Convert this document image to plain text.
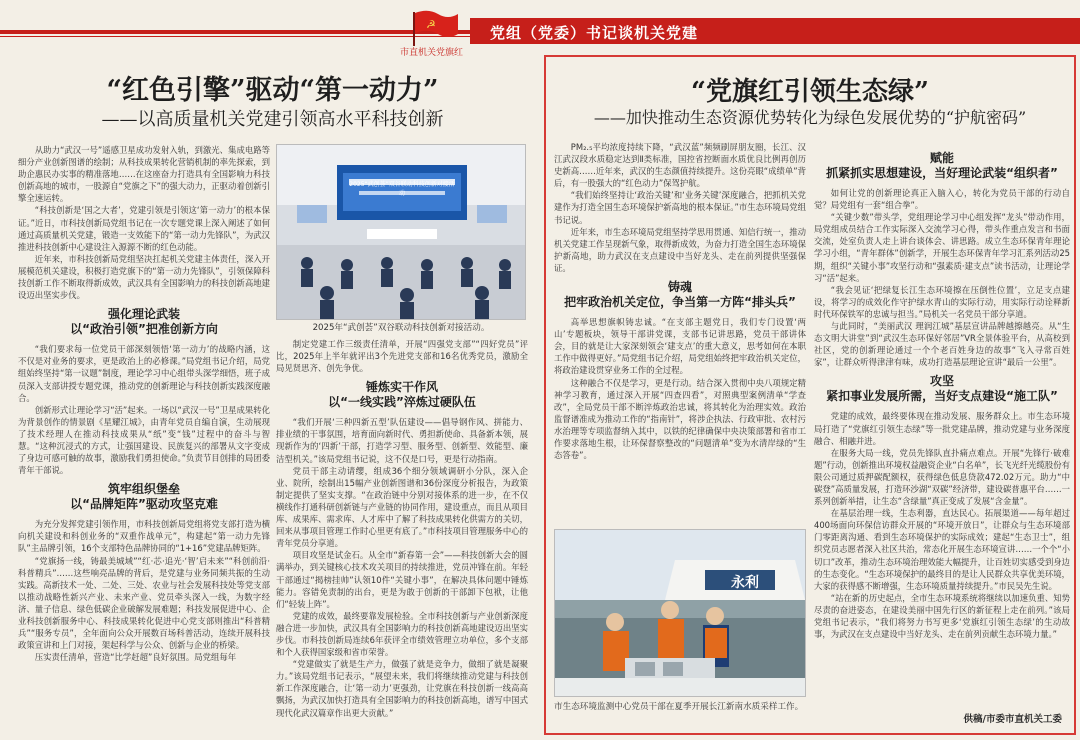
☭
市直机关党旗红
党组（党委）书记谈机关党建
“红色引擎”驱动“第一动力”
——以高质量机关党建引领高水平科技创新

从助力“武汉一号”遥感卫星成功发射入轨，到激光、集成电路等细分产业创新图谱的绘制；从科技成果转化营销机制的率先探索，到助企惠民办实事的精准落地……在这座奋力打造具有全国影响力科技创新高地的城市，一股源自“党旗之下”的强大动力，正驱动着创新引擎全速运转。

“科技创新是‘国之大者’，党建引领是引领这‘第一动力’的根本保证。”近日，市科技创新局党组书记在一次专题党课上深入阐述了如何通过高质量机关党建，锻造一支效能下的“第一动力先锋队”，为武汉推进科技创新中心建设注入源源不断的红色动能。

近年来，市科技创新局党组坚决扛起机关党建主体责任，深入开展模范机关建设，积极打造党旗下的“第一动力先锋队”，引领保障科技创新工作不断取得新成效，武汉具有全国影响力的科技创新高地建设迈出坚实步伐。

强化理论武装
以“政治引领”把准创新方向

“我们要求每一位党员干部深刻领悟‘第一动力’的战略内涵，这不仅是对业务的要求，更是政治上的必修课。”局党组书记介绍，局党组始终坚持“第一议题”制度，理论学习中心组带头深学细悟，班子成员深入支部讲授专题党课，推动党的创新理论与科技创新实践深度融合。

创新形式让理论学习“活”起来。一场以“武汉一号”卫星成果转化为背景创作的情景剧《星耀江城》，由青年党员自编自演，生动展现了技术经理人在推动科技成果从“纸”变“钱”过程中的奋斗与智慧。“这种沉浸式的方式，让强国建设、民族复兴的部署从文字变成了身边可感可触的故事，激励我们勇担使命。”负责节目创排的局团委青年干部说。

筑牢组织堡垒
以“品牌矩阵”驱动攻坚克难

为充分发挥党建引领作用，市科技创新局党组将党支部打造为横向机关建设和科创业务的“双重作战单元”，构建起“第一动力先锋队”主品牌引领，16个支部特色品牌协同的“1+16”党建品牌矩阵。

“党旗扬一线，铸最美城域”“红·芯·追光·‘智’启未来”“科创前沿·科普精兵”……这些响亮品牌的背后，是党建与业务同频共振的生动实践。高新技术一处、二处、三处、农业与社会发展科技处等党支部以推动战略性新兴产业、未来产业、党员牵头深入一线，为数字经济、量子信息、绿色低碳企业破解发展难题；科技发展促进中心、企业科技创新服务中心、科技成果转化促进中心党支部则推出“科普精兵”“服务专员”，全年面向公众开展数百场科普活动，连续开展科技政策宣讲和上门对接，架起科学与公众、创新与企业的桥梁。

压实责任清单，营造“比学赶超”良好氛围。局党组每年

2025“武创荟”双谷联动科技创新对接活动
2025年“武创荟”双谷联动科技创新对接活动。

制定党建工作三级责任清单，开展“四强党支部”“四好党员”评比，2025年上半年就评出3个先进党支部和16名优秀党员，激励全局见贤思齐、创先争优。

锤炼实干作风
以“一线实践”淬炼过硬队伍

“我们开展‘三种四新五型’队伍建设——倡导钢作风、拼能力、排业绩的干事氛围，培育面向新时代、勇担新使命、具备新本领，展现新作为的‘四新’干部，打造学习型、服务型、创新型、效能型、廉洁型机关。”该局党组书记说，这不仅是口号，更是行动指南。

党员干部主动请缨，组成36个细分领域调研小分队，深入企业、院所，绘制出15幅产业创新图谱和36份深度分析报告，为政策制定提供了坚实支撑。“在政治链中分别对接体系的进一步，在不仅横线作打通科研创新链与产业链的协同作用，建设重点，而且从项目库、成果库、需求库、人才库中了解了科技成果转化供需方的关切，回来从事项目管理工作时心里更有底了。”市科技项目管理服务中心的青年党员分享道。

项目攻坚是试金石。从全市“新春第一会”——科技创新大会的圆满举办，到关键核心技术攻关项目的持续推进，党员冲锋在前。年轻干部通过“揭榜挂帅”认领10件“关键小事”，在解决具体问题中锤炼能力。容错免责制的出台，更是为敢于创新的干部卸下包袱，让他们“轻装上阵”。

党建的成效，最终要靠发展检验。全市科技创新与产业创新深度融合进一步加快，武汉具有全国影响力的科技创新高地建设迈出坚实步伐。市科技创新局连续6年获评全市绩效管理立功单位，多个支部和个人获得国家级和省市荣誉。

“党建做实了就是生产力，做强了就是竞争力，做细了就是凝聚力。”该局党组书记表示，“展望未来，我们将继续推动党建与科技创新工作深度融合，让‘第一动力’更强劲，让党旗在科技创新一线高高飘扬，为武汉加快打造具有全国影响力的科技创新高地，谱写中国式现代化武汉篇章作出更大贡献。”

“党旗红引领生态绿”
——加快推动生态资源优势转化为绿色发展优势的“护航密码”

PM₂.₅平均浓度持续下降，“武汉蓝”频频刷屏朋友圈，长江、汉江武汉段水质稳定达到Ⅱ类标准，国控省控断面水质优良比例再创历史新高……近年来，武汉的生态颜值持续提升。这份亮眼“成绩单”背后，有一股强大的“红色动力”保驾护航。

“我们始终坚持让‘政治关键’和‘业务关键’深度融合，把抓机关党建作为打造全国生态环境保护新高地的根本保证。”市生态环境局党组书记说。

近年来，市生态环境局党组坚持学思用贯通、知信行统一，推动机关党建工作呈现新气象，取得新成效，为奋力打造全国生态环境保护新高地，助力武汉在支点建设中当好龙头、走在前列提供坚强保证。

铸魂
把牢政治机关定位，争当第一方阵“排头兵”

高举思想旗帜铸忠诚。“在支部主题党日，我们专门设置‘两山’专题板块，领导干部讲党课，支部书记讲思路，党员干部讲体会，目的就是让大家深刻领会‘建支点’的重大意义，思考如何在本职工作中做得更好。”局党组书记介绍，局党组始终把牢政治机关定位，将政治建设贯穿业务工作的全过程。

这种融合不仅是学习，更是行动。结合深入贯彻中央八项规定精神学习教育，通过深入开展“四查四看”，对照典型案例清单“学查改”，全局党员干部不断淬炼政治忠诚，将其转化为治理实效。政治监督谱准成为推动工作的“指南针”，将涉企执法、行政审批、农村污水治理等专项监督纳入其中，以铁的纪律确保中央决策部署和省市工作要求落地生根，让环保督察整改的“问题清单”变为水清岸绿的“生态答卷”。

永利
市生态环境监测中心党员干部在夏季开展长江新南水质采样工作。
赋能
抓紧抓实思想建设，当好理论武装“组织者”

如何让党的创新理论真正入脑入心，转化为党员干部的行动自觉？局党组有一套“组合拳”。

“关键少数”带头学，党组理论学习中心组发挥“龙头”带动作用，局党组成员结合工作实际深入交流学习心得，带头作重点发言和书面交流，处室负责人走上讲台谈体会、讲思路。成立生态环保青年理论学习小组，“青年群体”创新学，开展生态环保青年学习汇系列活动25期，组织“关键小事”攻坚行动和“强素质·建支点”读书活动，让理论学习“活”起来。

“我会见证‘把绿复长江生态环境擦在压倒性位置’，立足支点建设，将学习的成效化作守护绿水青山的实际行动，用实际行动诠释新时代环保铁军的忠诚与担当。”局机关一名党员干部分享道。

与此同时，“美丽武汉 理润江城”基层宣讲品牌越擦越亮。从“生态文明大讲堂”到“武汉生态环保好邻居”VR全景体验平台，从高校到社区，党的创新理论通过一个个老百姓身边的故事“飞入寻常百姓家”，让群众听得津津有味，成功打造基层理论宣讲“最后一公里”。

攻坚
紧扣事业发展所需，当好支点建设“施工队”

党建的成效，最终要体现在推动发展、服务群众上。市生态环境局打造了“党旗红引领生态绿”等一批党建品牌，推动党建与业务深度融合、相融并进。

在服务大局一线，党员先锋队直扑痛点难点。开展“先锋行·破难题”行动，创新推出环境权益融资企业“白名单”，长飞光纤光缆股份有限公司通过质押碳配额权，获得绿色低息贷款472.02万元。助力“中碳登”高质量发展，打造环沙湖“双碳”经济带，建设碳普惠平台……一系列创新举措，让生态“含绿量”真正变成了发展“含金量”。

在基层治理一线，生态利器，直达民心。拓展渠道——每年超过400场面向环保信访群众开展的“环境开放日”，让群众与生态环境部门零距离沟通、看到生态环境保护的实际成效；建起“生态卫士”，组织党员志愿者深入社区共治，常态化开展生态环境宣讲……一个个“小切口”改革，推动生态环境治理效能大幅提升，让百姓切实感受到身边的生态变化。“生态环境保护的最终目的是让人民群众共享优美环境，大家的获得感不断增强，生态环境质量持续提升。”市民吴先生说。

“站在新的历史起点，全市生态环境系统将继续以加速负重、知势尽责的奋进姿态，在建设美丽中国先行区的新征程上走在前列。”该局党组书记表示，“我们将努力书写更多‘党旗红引领生态绿’的生动故事，为武汉在支点建设中当好龙头、走在前列贡献生态环境力量。”

供稿/市委市直机关工委
